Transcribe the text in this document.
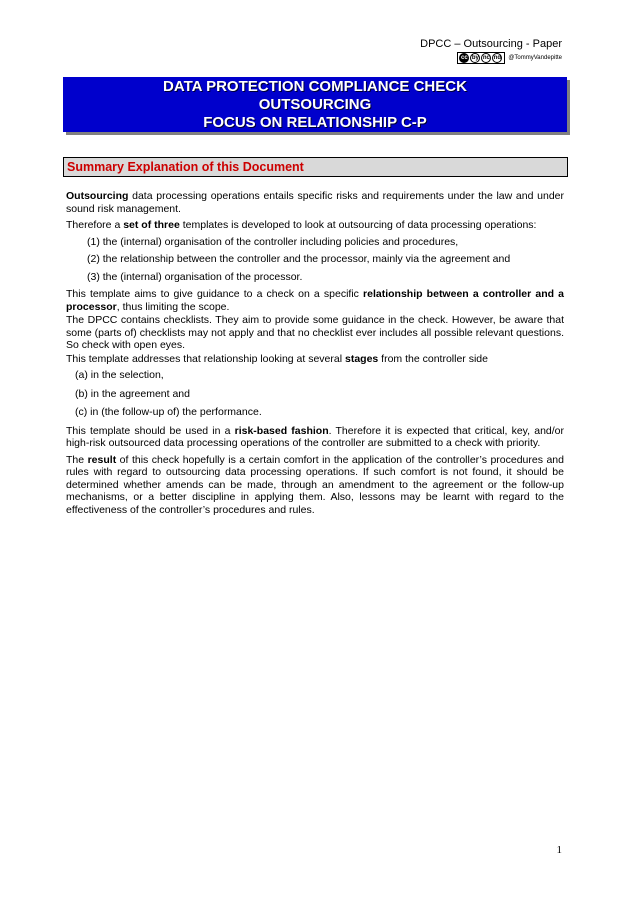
DPCC – Outsourcing - Paper
cc by nc nd @TommyVandepitte
DATA PROTECTION COMPLIANCE CHECK
OUTSOURCING
FOCUS ON RELATIONSHIP C-P
Summary Explanation of this Document

Outsourcing data processing operations entails specific risks and requirements under the law and under sound risk management.

Therefore a set of three templates is developed to look at outsourcing of data processing operations:

(1) the (internal) organisation of the controller including policies and procedures,
(2) the relationship between the controller and the processor, mainly via the agreement and
(3) the (internal) organisation of the processor.

This template aims to give guidance to a check on a specific relationship between a controller and a processor, thus limiting the scope.

The DPCC contains checklists. They aim to provide some guidance in the check. However, be aware that some (parts of) checklists may not apply and that no checklist ever includes all possible relevant questions. So check with open eyes.

This template addresses that relationship looking at several stages from the controller side

(a) in the selection,
(b) in the agreement and
(c) in (the follow-up of) the performance.

This template should be used in a risk-based fashion. Therefore it is expected that critical, key, and/or high-risk outsourced data processing operations of the controller are submitted to a check with priority.

The result of this check hopefully is a certain comfort in the application of the controller’s procedures and rules with regard to outsourcing data processing operations. If such comfort is not found, it should be determined whether amends can be made, through an amendment to the agreement or the follow-up mechanisms, or a better discipline in applying them. Also, lessons may be learnt with regard to the effectiveness of the controller’s procedures and rules.

1
